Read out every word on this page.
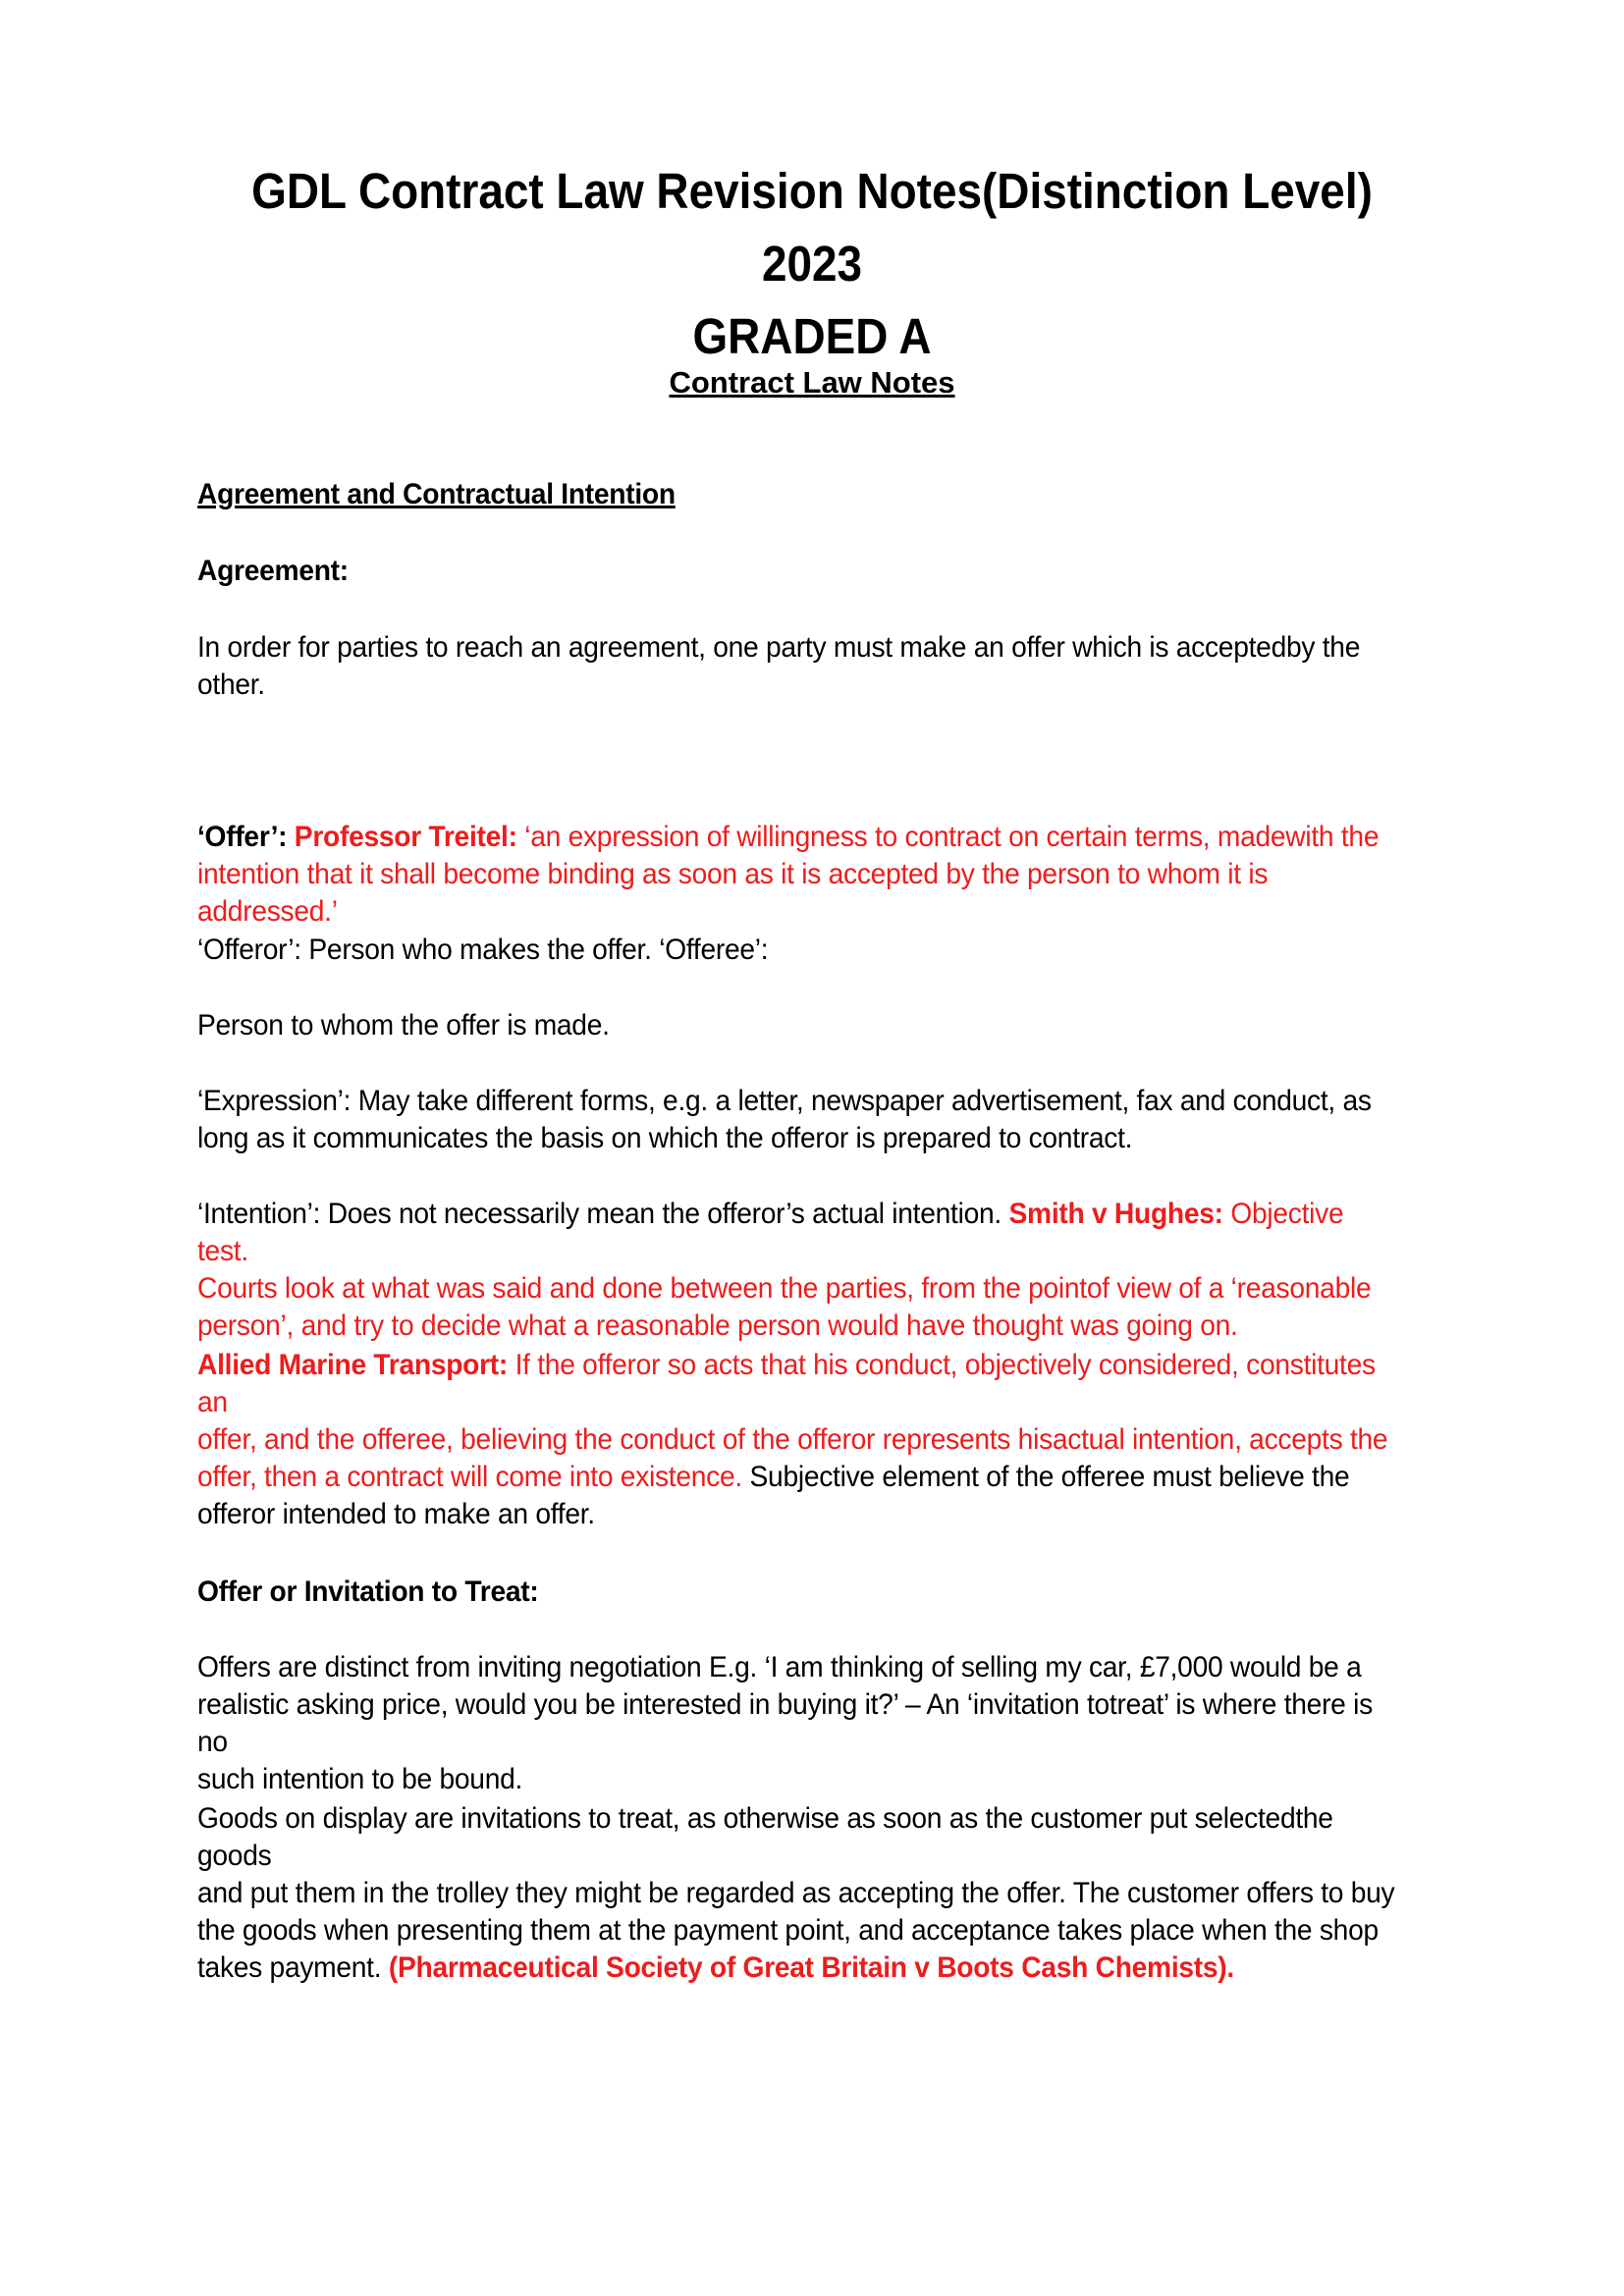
GDL Contract Law Revision Notes(Distinction Level) 2023
GRADED A
Contract Law Notes

Agreement and Contractual Intention

Agreement:

In order for parties to reach an agreement, one party must make an offer which is acceptedby the
other.

‘Offer’: Professor Treitel: ‘an expression of willingness to contract on certain terms, madewith the
intention that it shall become binding as soon as it is accepted by the person to whom it is addressed.’

‘Offeror’: Person who makes the offer. ‘Offeree’:

Person to whom the offer is made.

‘Expression’: May take different forms, e.g. a letter, newspaper advertisement, fax and conduct, as
long as it communicates the basis on which the offeror is prepared to contract.

‘Intention’: Does not necessarily mean the offeror’s actual intention. Smith v Hughes: Objective test.
Courts look at what was said and done between the parties, from the pointof view of a ‘reasonable
person’, and try to decide what a reasonable person would have thought was going on.

Allied Marine Transport: If the offeror so acts that his conduct, objectively considered, constitutes an
offer, and the offeree, believing the conduct of the offeror represents hisactual intention, accepts the
offer, then a contract will come into existence. Subjective element of the offeree must believe the
offeror intended to make an offer.

Offer or Invitation to Treat:

Offers are distinct from inviting negotiation E.g. ‘I am thinking of selling my car, £7,000 would be a
realistic asking price, would you be interested in buying it?’ – An ‘invitation totreat’ is where there is no
such intention to be bound.

Goods on display are invitations to treat, as otherwise as soon as the customer put selectedthe goods
and put them in the trolley they might be regarded as accepting the offer. The customer offers to buy
the goods when presenting them at the payment point, and acceptance takes place when the shop
takes payment. (Pharmaceutical Society of Great Britain v Boots Cash Chemists).
